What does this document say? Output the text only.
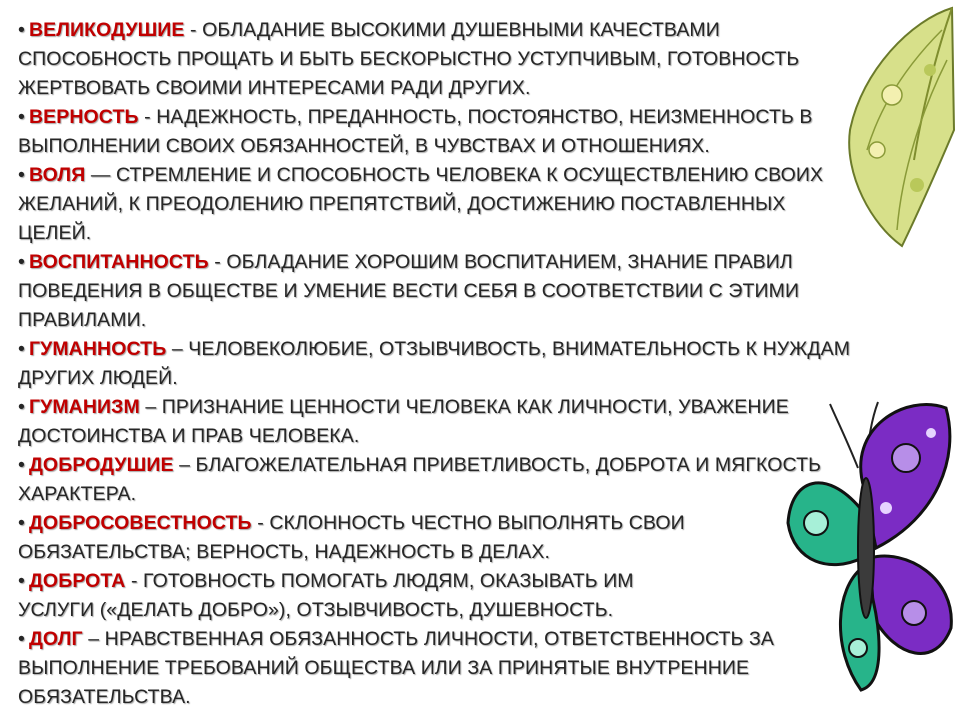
• ВЕЛИКОДУШИЕ - ОБЛАДАНИЕ ВЫСОКИМИ ДУШЕВНЫМИ КАЧЕСТВАМИ
СПОСОБНОСТЬ ПРОЩАТЬ И БЫТЬ БЕСКОРЫСТНО УСТУПЧИВЫМ, ГОТОВНОСТЬ
ЖЕРТВОВАТЬ СВОИМИ ИНТЕРЕСАМИ РАДИ ДРУГИХ.
• ВЕРНОСТЬ - НАДЕЖНОСТЬ, ПРЕДАННОСТЬ, ПОСТОЯНСТВО, НЕИЗМЕННОСТЬ В
ВЫПОЛНЕНИИ СВОИХ ОБЯЗАННОСТЕЙ, В ЧУВСТВАХ И ОТНОШЕНИЯХ.
• ВОЛЯ — СТРЕМЛЕНИЕ И СПОСОБНОСТЬ ЧЕЛОВЕКА К ОСУЩЕСТВЛЕНИЮ СВОИХ
ЖЕЛАНИЙ, К ПРЕОДОЛЕНИЮ ПРЕПЯТСТВИЙ, ДОСТИЖЕНИЮ ПОСТАВЛЕННЫХ
ЦЕЛЕЙ.
• ВОСПИТАННОСТЬ - ОБЛАДАНИЕ ХОРОШИМ ВОСПИТАНИЕМ, ЗНАНИЕ ПРАВИЛ
ПОВЕДЕНИЯ В ОБЩЕСТВЕ И УМЕНИЕ ВЕСТИ СЕБЯ В СООТВЕТСТВИИ С ЭТИМИ
ПРАВИЛАМИ.
• ГУМАННОСТЬ – ЧЕЛОВЕКОЛЮБИЕ, ОТЗЫВЧИВОСТЬ, ВНИМАТЕЛЬНОСТЬ К НУЖДАМ
ДРУГИХ ЛЮДЕЙ.
• ГУМАНИЗМ – ПРИЗНАНИЕ ЦЕННОСТИ ЧЕЛОВЕКА КАК ЛИЧНОСТИ, УВАЖЕНИЕ
ДОСТОИНСТВА И ПРАВ ЧЕЛОВЕКА.
• ДОБРОДУШИЕ – БЛАГОЖЕЛАТЕЛЬНАЯ ПРИВЕТЛИВОСТЬ, ДОБРОТА И МЯГКОСТЬ
ХАРАКТЕРА.
• ДОБРОСОВЕСТНОСТЬ - СКЛОННОСТЬ ЧЕСТНО ВЫПОЛНЯТЬ СВОИ
ОБЯЗАТЕЛЬСТВА; ВЕРНОСТЬ, НАДЕЖНОСТЬ В ДЕЛАХ.
• ДОБРОТА - ГОТОВНОСТЬ ПОМОГАТЬ ЛЮДЯМ, ОКАЗЫВАТЬ ИМ
УСЛУГИ («ДЕЛАТЬ ДОБРО»), ОТЗЫВЧИВОСТЬ, ДУШЕВНОСТЬ.
• ДОЛГ – НРАВСТВЕННАЯ ОБЯЗАННОСТЬ ЛИЧНОСТИ, ОТВЕТСТВЕННОСТЬ ЗА
ВЫПОЛНЕНИЕ ТРЕБОВАНИЙ ОБЩЕСТВА ИЛИ ЗА ПРИНЯТЫЕ ВНУТРЕННИЕ
ОБЯЗАТЕЛЬСТВА.
